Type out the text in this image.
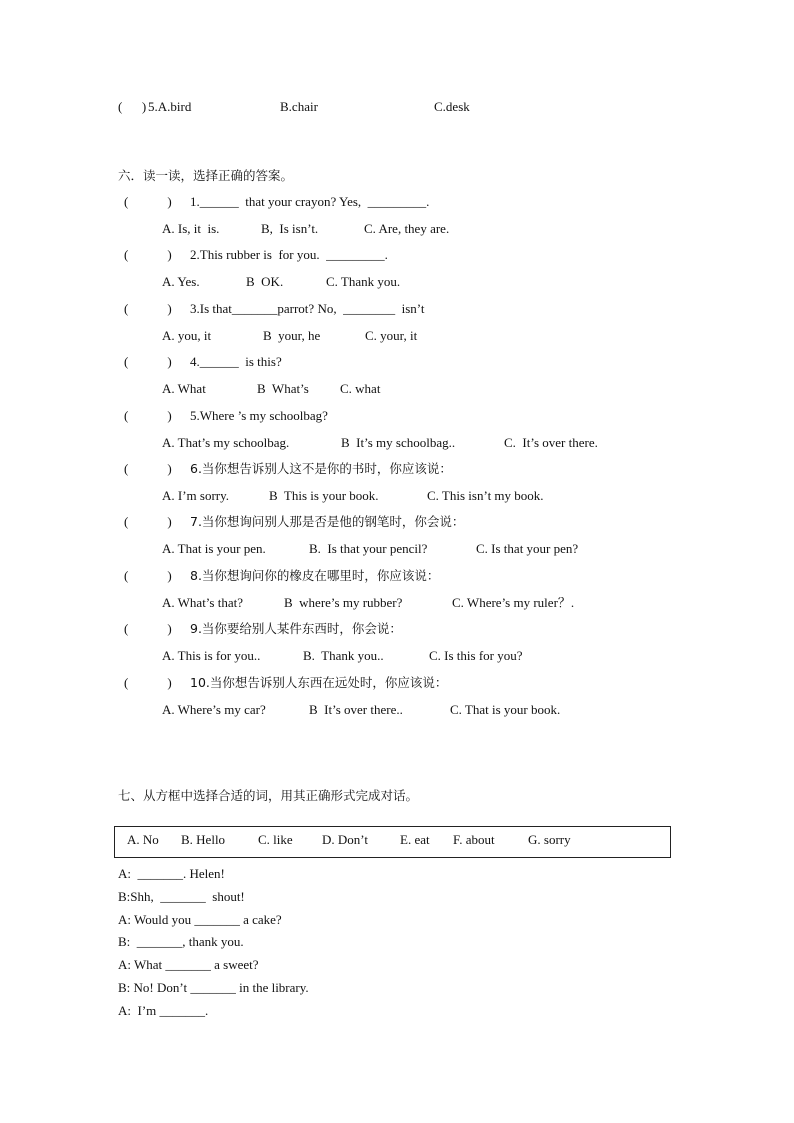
(      ) 5.A.bird	B.chair	C.desk
六．读一读，选择正确的答案。
(            ) 1.______  that your crayon? Yes,  _________.
A. Is, it  is.	B,  Is isn’t.	C. Are, they are.
(            ) 2.This rubber is  for you.  _________.
A. Yes.	B  OK.	C. Thank you.
(            ) 3.Is that_______parrot? No,  ________  isn’t
A. you, it	B  your, he	C. your, it
(            ) 4.______  is this?
A. What	B  What’s C. what
(            ) 5.Where ’s my schoolbag?
A. That’s my schoolbag.	B  It’s my schoolbag..	C.  It’s over there.
(            ) 6.当你想告诉别人这不是你的书时，你应该说：
A. I’m sorry.	B  This is your book.	C. This isn’t my book.
(            ) 7.当你想询问别人那是否是他的钢笔时，你会说：
A. That is your pen.	B.  Is that your pencil?	C. Is that your pen?
(            ) 8.当你想询问你的橡皮在哪里时，你应该说：
A. What’s that?	B  where’s my rubber?	C. Where’s my ruler？.
(            ) 9.当你要给别人某件东西时，你会说：
A. This is for you..	B.  Thank you..	C. Is this for you?
(            ) 10.当你想告诉别人东西在远处时，你应该说：
A. Where’s my car?	B  It’s over there..	C. That is your book.
七、从方框中选择合适的词，用其正确形式完成对话。
A. No B. Hello	C. like D. Don’t E. eat F. about	G. sorry
A:  _______. Helen!
B:Shh,  _______  shout!
A: Would you _______ a cake?
B:  _______, thank you.
A: What _______ a sweet?
B: No! Don’t _______ in the library.
A:  I’m _______.
